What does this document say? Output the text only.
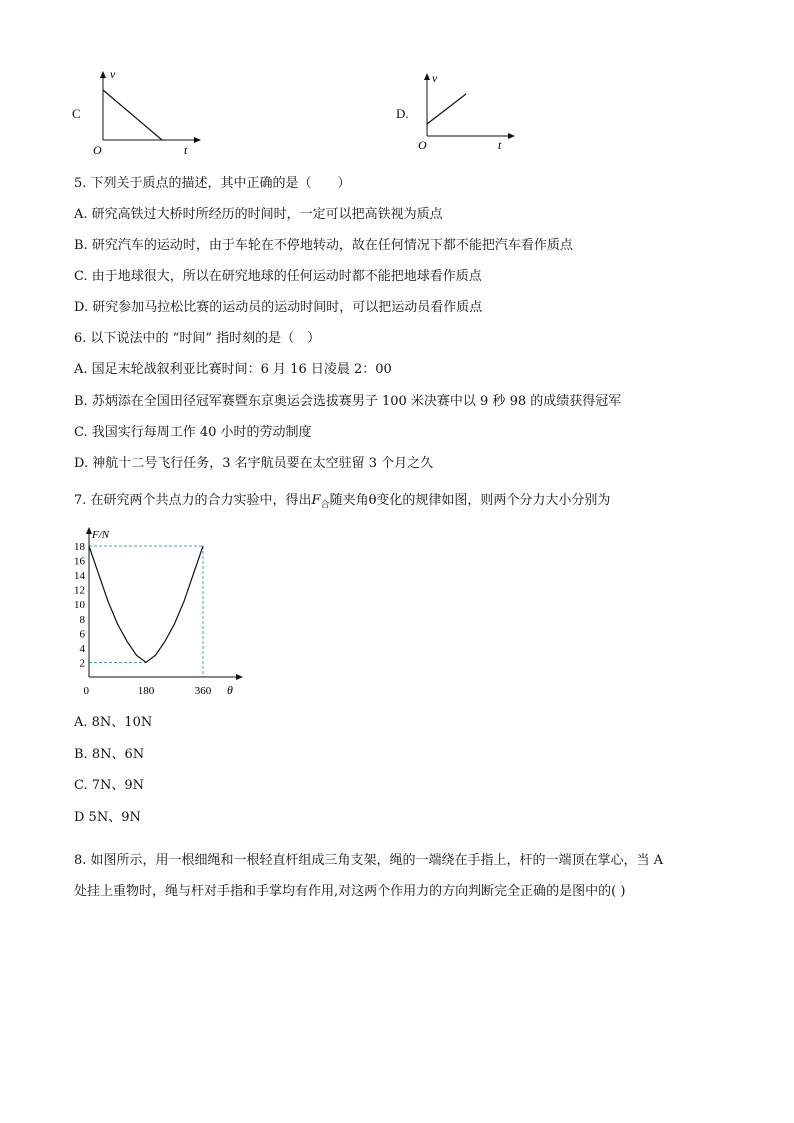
C
v
t
O
D.
v
t
O
5. 下列关于质点的描述，其中正确的是（　　）
A. 研究高铁过大桥时所经历的时间时，一定可以把高铁视为质点
B. 研究汽车的运动时，由于车轮在不停地转动，故在任何情况下都不能把汽车看作质点
C. 由于地球很大，所以在研究地球的任何运动时都不能把地球看作质点
D. 研究参加马拉松比赛的运动员的运动时间时，可以把运动员看作质点
6. 以下说法中的 “时间” 指时刻的是（　）
A. 国足末轮战叙利亚比赛时间：6 月 16 日凌晨 2：00
B. 苏炳添在全国田径冠军赛暨东京奥运会选拔赛男子 100 米决赛中以 9 秒 98 的成绩获得冠军
C. 我国实行每周工作 40 小时的劳动制度
D. 神航十二号飞行任务，3 名宇航员要在太空驻留 3 个月之久
7. 在研究两个共点力的合力实验中，得出$F_合$随夹角θ变化的规律如图，则两个分力大小分别为
2
4
6
8
10
12
14
16
18
0	180	360
F/N
θ
A. 8N、10N
B. 8N、6N
C. 7N、9N
D 5N、9N
8. 如图所示，用一根细绳和一根轻直杆组成三角支架，绳的一端绕在手指上，杆的一端顶在掌心，当 A
处挂上重物时，绳与杆对手指和手掌均有作用,对这两个作用力的方向判断完全正确的是图中的( )
